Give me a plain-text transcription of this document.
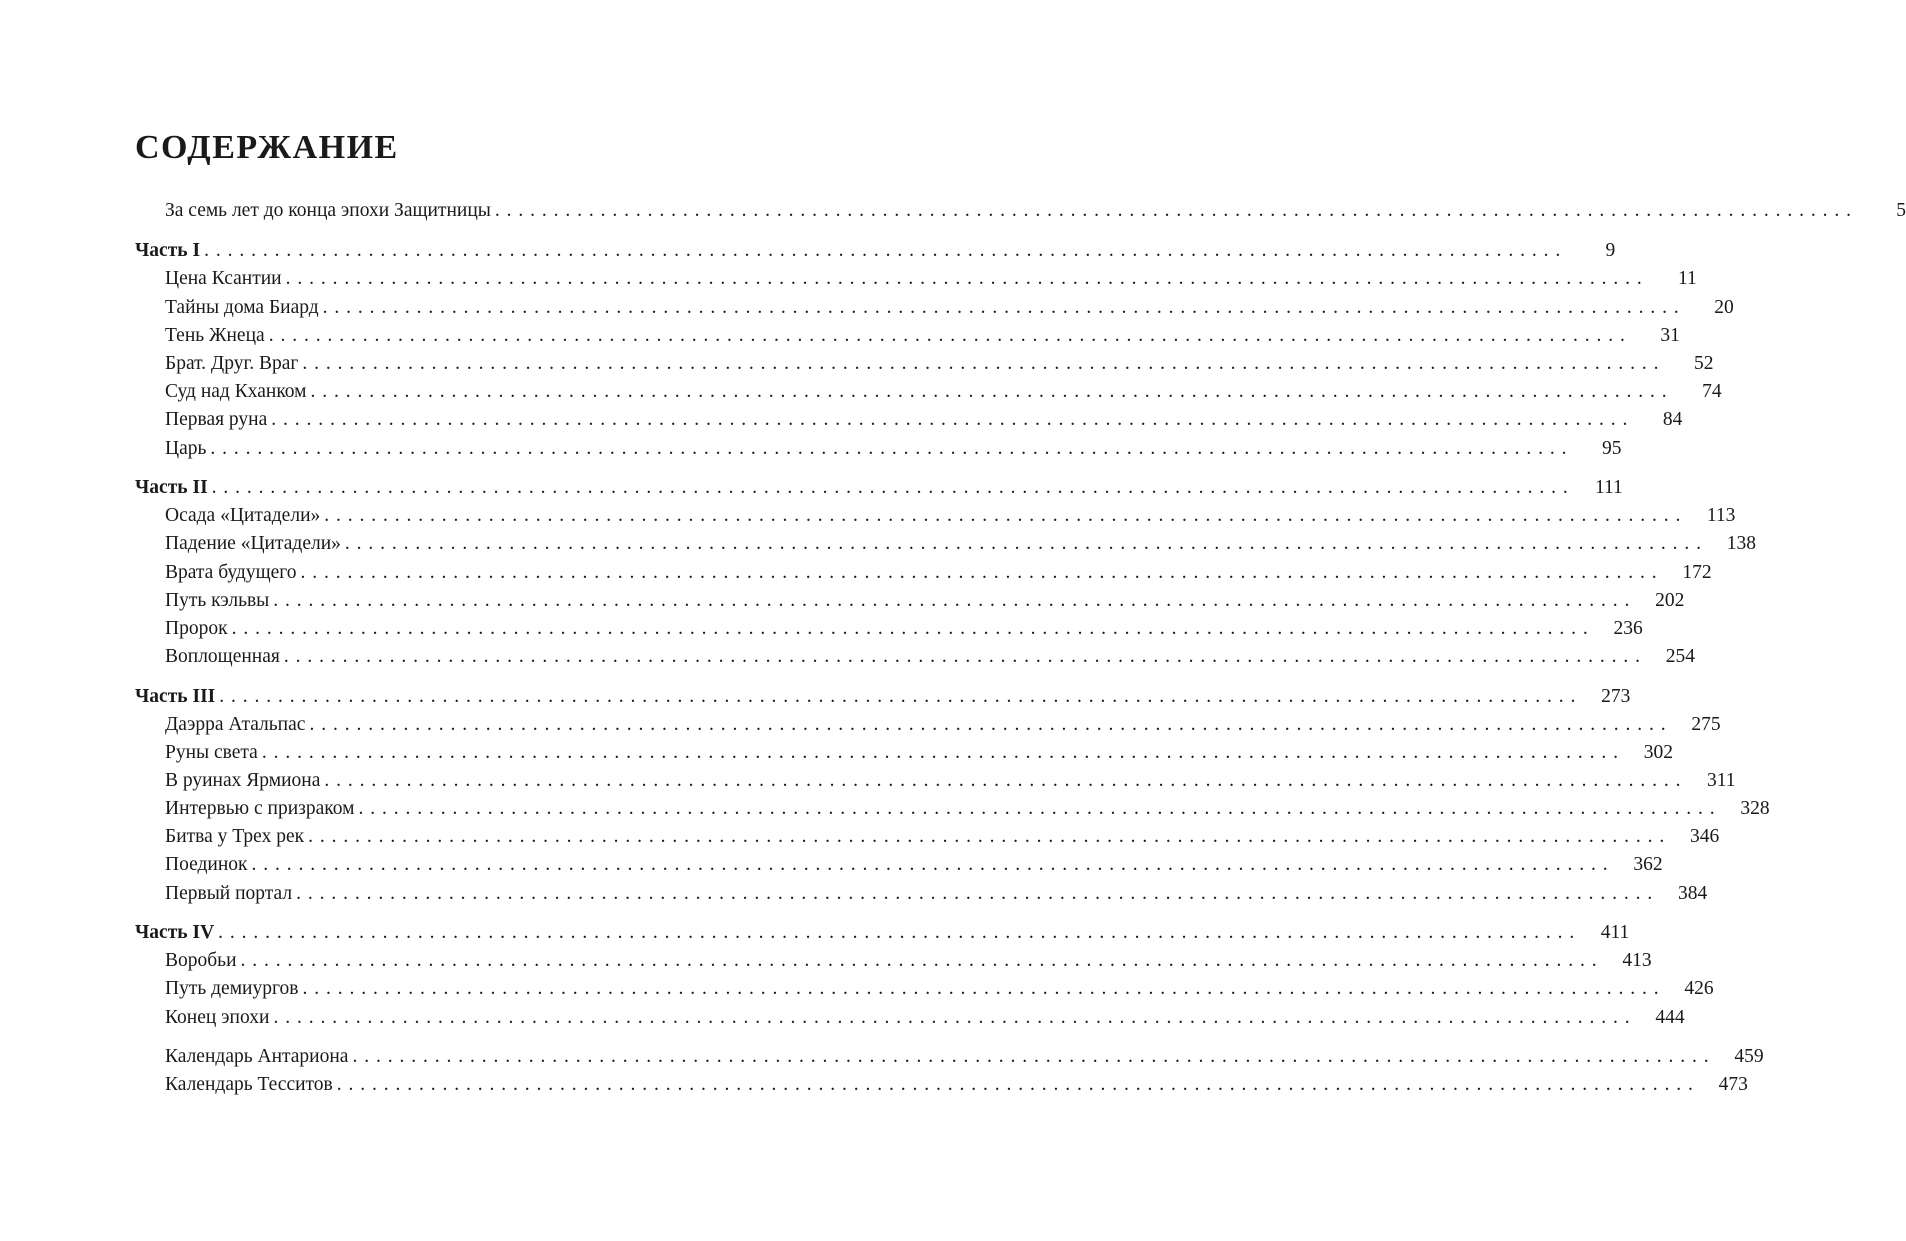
СОДЕРЖАНИЕ
За семь лет до конца эпохи Защитницы . . .	5
Часть I . . .	9
Цена Ксантии . . .	11
Тайны дома Биард . . .	20
Тень Жнеца . . .	31
Брат. Друг. Враг . . .	52
Суд над Кханком . . .	74
Первая руна . . .	84
Царь . . .	95
Часть II . . .	111
Осада «Цитадели» . . .	113
Падение «Цитадели» . . .	138
Врата будущего . . .	172
Путь кэльвы . . .	202
Пророк . . .	236
Воплощенная . . .	254
Часть III . . .	273
Даэрра Атальпас . . .	275
Руны света . . .	302
В руинах Ярмиона . . .	311
Интервью с призраком . . .	328
Битва у Трех рек . . .	346
Поединок . . .	362
Первый портал . . .	384
Часть IV . . .	411
Воробьи . . .	413
Путь демиургов . . .	426
Конец эпохи . . .	444
Календарь Антариона . . .	459
Календарь Тесситов . . .	473
